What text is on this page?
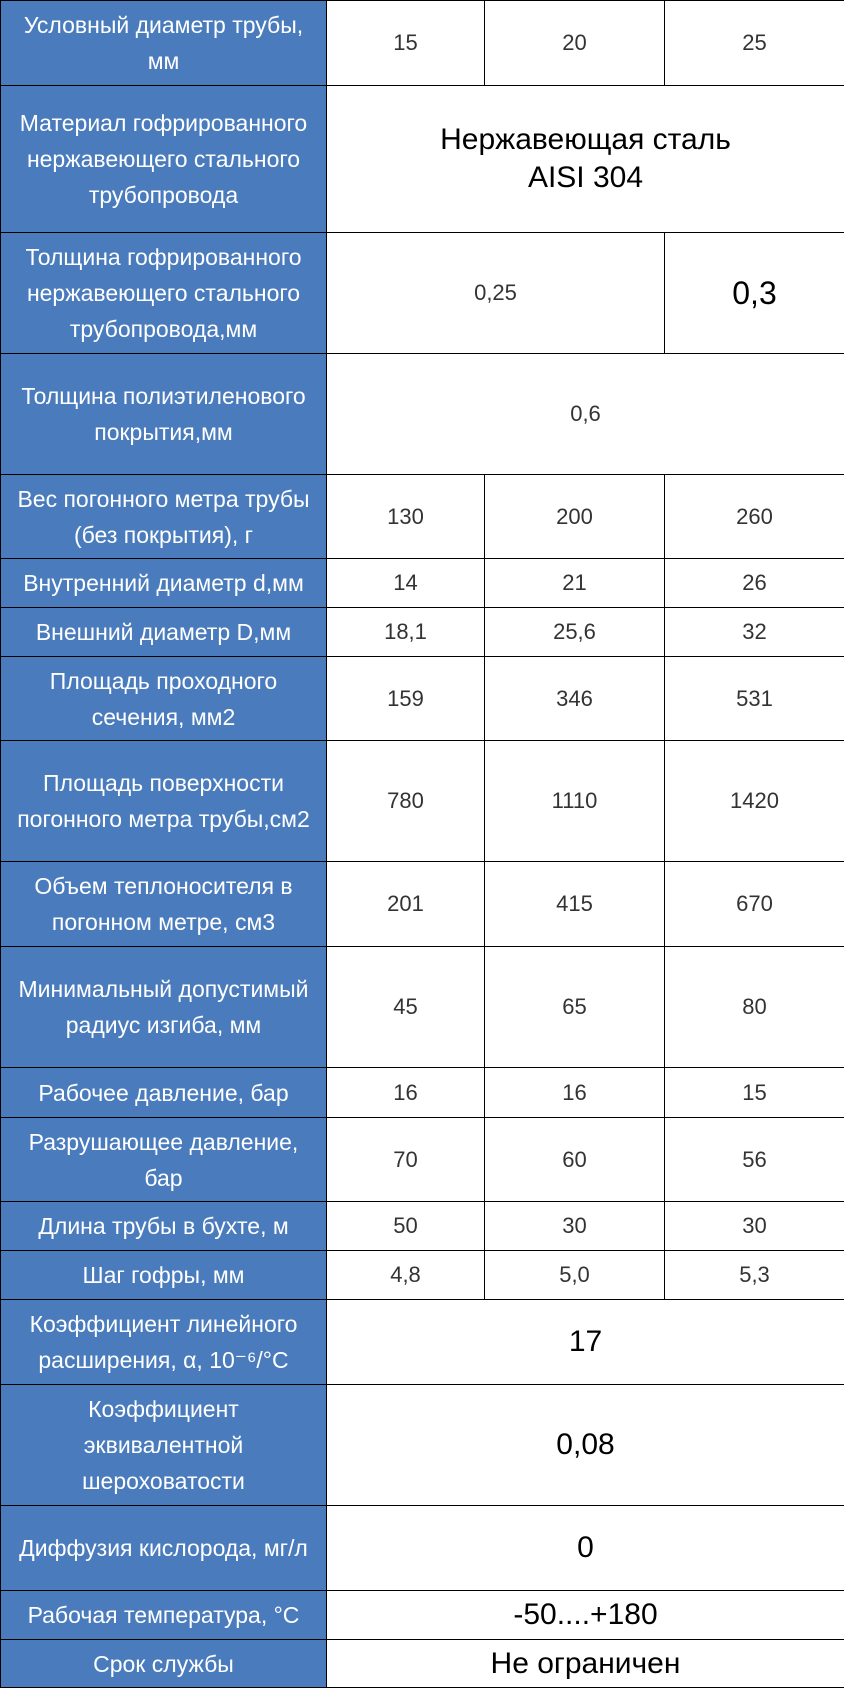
Условный диаметр трубы, мм	15	20	25
Материал гофрированного нержавеющего стального трубопровода	Нержавеющая сталь
AISI 304		

Толщина гофрированного нержавеющего стального трубопровода,мм	0,25		0,3
Толщина полиэтиленового покрытия,мм	0,6		
Вес погонного метра трубы (без покрытия), г	130	200	260
Внутренний диаметр d,мм	14	21	26
Внешний диаметр D,мм	18,1	25,6	32
Площадь проходного сечения, мм2	159	346	531
Площадь поверхности погонного метра трубы,см2	780	1110	1420
Объем теплоносителя в погонном метре, см3	201	415	670
Минимальный допустимый радиус изгиба, мм	45	65	80
Рабочее давление, бар	16	16	15
Разрушающее давление, бар	70	60	56
Длина трубы в бухте, м	50	30	30
Шаг гофры, мм	4,8	5,0	5,3
Коэффициент линейного расширения, α, 10⁻⁶/°C	17		
Коэффициент эквивалентной шероховатости	0,08		
Диффузия кислорода, мг/л	0		
Рабочая температура, °C	-50....+180		
Срок службы	Не ограничен		
